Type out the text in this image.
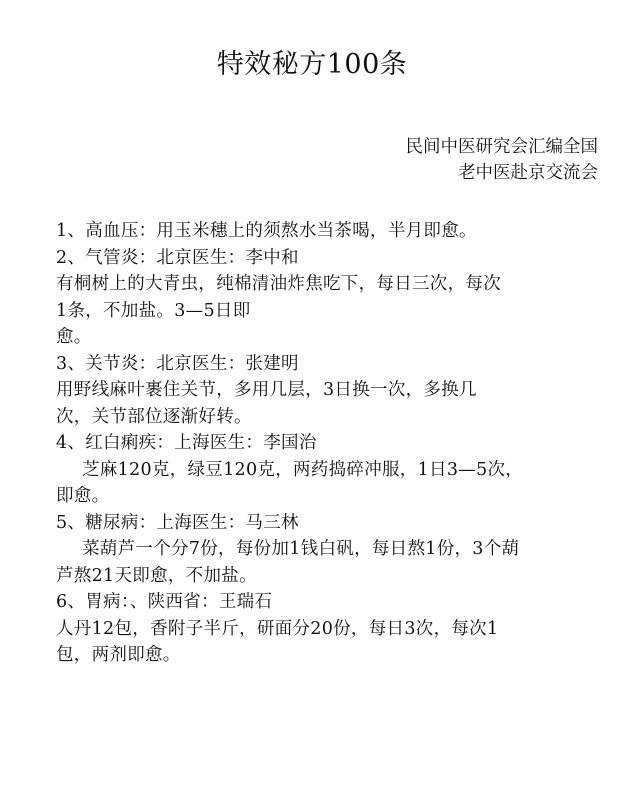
特效秘方100条
民间中医研究会汇编全国
老中医赴京交流会
1、高血压：用玉米穗上的须熬水当茶喝，半月即愈。
2、气管炎：北京医生：李中和
有桐树上的大青虫，纯棉清油炸焦吃下，每日三次，每次
1条，不加盐。3—5日即
愈。
3、关节炎：北京医生：张建明
用野线麻叶裹住关节，多用几层，3日换一次，多换几
次，关节部位逐渐好转。
4、红白痢疾：上海医生：李国治
芝麻120克，绿豆120克，两药捣碎冲服，1日3—5次，
即愈。
5、糖尿病：上海医生：马三林
菜葫芦一个分7份，每份加1钱白矾，每日熬1份，3个葫
芦熬21天即愈，不加盐。
6、胃病：、陕西省：王瑞石
人丹12包，香附子半斤，研面分20份，每日3次，每次1
包，两剂即愈。
